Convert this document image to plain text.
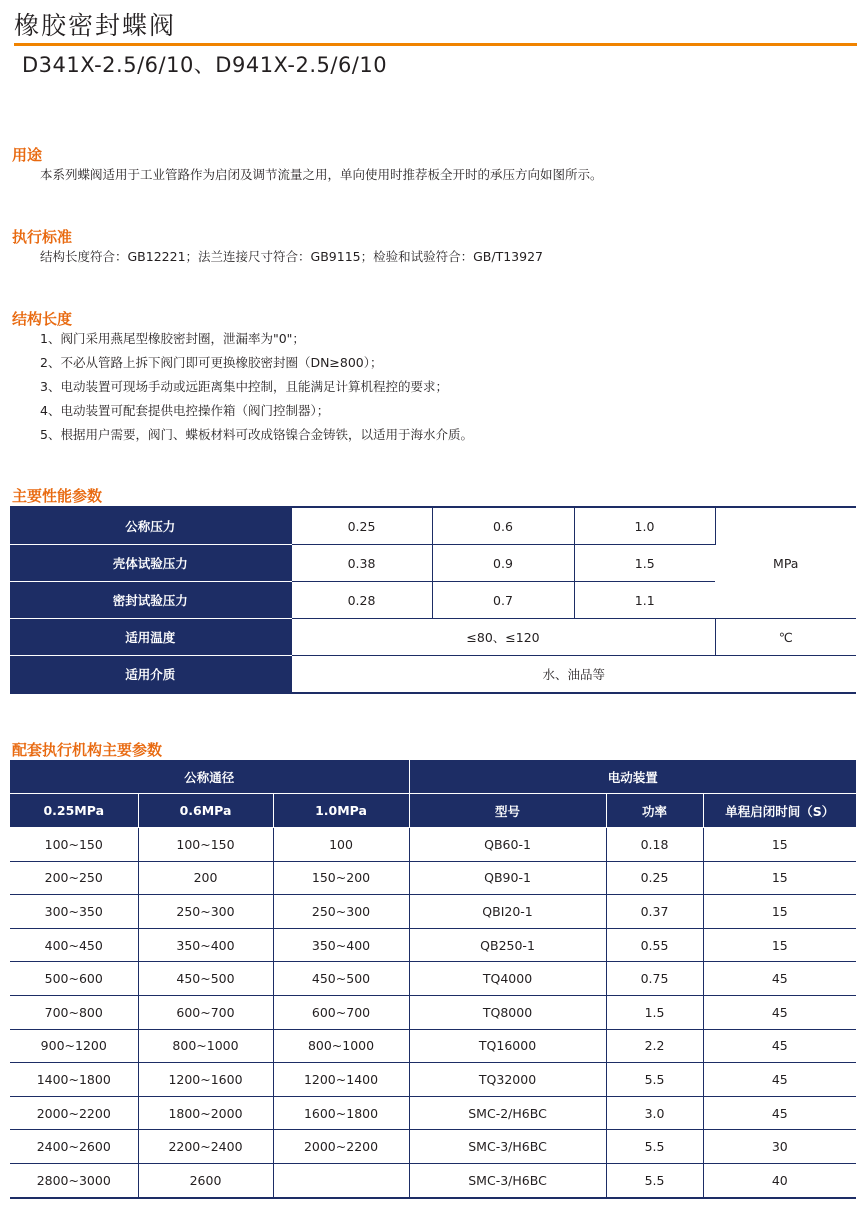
橡胶密封蝶阀
D341X-2.5/6/10、D941X-2.5/6/10
用途
本系列蝶阀适用于工业管路作为启闭及调节流量之用，单向使用时推荐板全开时的承压方向如图所示。
执行标准
结构长度符合：GB12221；法兰连接尺寸符合：GB9115；检验和试验符合：GB/T13927
结构长度
1、阀门采用燕尾型橡胶密封圈，泄漏率为"0"；
2、不必从管路上拆下阀门即可更换橡胶密封圈（DN≥800）；
3、电动装置可现场手动或远距离集中控制，且能满足计算机程控的要求；
4、电动装置可配套提供电控操作箱（阀门控制器）；
5、根据用户需要，阀门、蝶板材料可改成铬镍合金铸铁，以适用于海水介质。
主要性能参数
公称压力	0.25	0.6	1.0	MPa
壳体试验压力	0.38	0.9	1.5	
密封试验压力	0.28	0.7	1.1	
适用温度	≤80、≤120			℃
适用介质	水、油品等			
配套执行机构主要参数
公称通径			电动装置		
0.25MPa	0.6MPa	1.0MPa	型号	功率	单程启闭时间（S）
100~150	100~150	100	QB60-1	0.18	15
200~250	200	150~200	QB90-1	0.25	15
300~350	250~300	250~300	QBI20-1	0.37	15
400~450	350~400	350~400	QB250-1	0.55	15
500~600	450~500	450~500	TQ4000	0.75	45
700~800	600~700	600~700	TQ8000	1.5	45
900~1200	800~1000	800~1000	TQ16000	2.2	45
1400~1800	1200~1600	1200~1400	TQ32000	5.5	45
2000~2200	1800~2000	1600~1800	SMC-2/H6BC	3.0	45
2400~2600	2200~2400	2000~2200	SMC-3/H6BC	5.5	30
2800~3000	2600		SMC-3/H6BC	5.5	40
